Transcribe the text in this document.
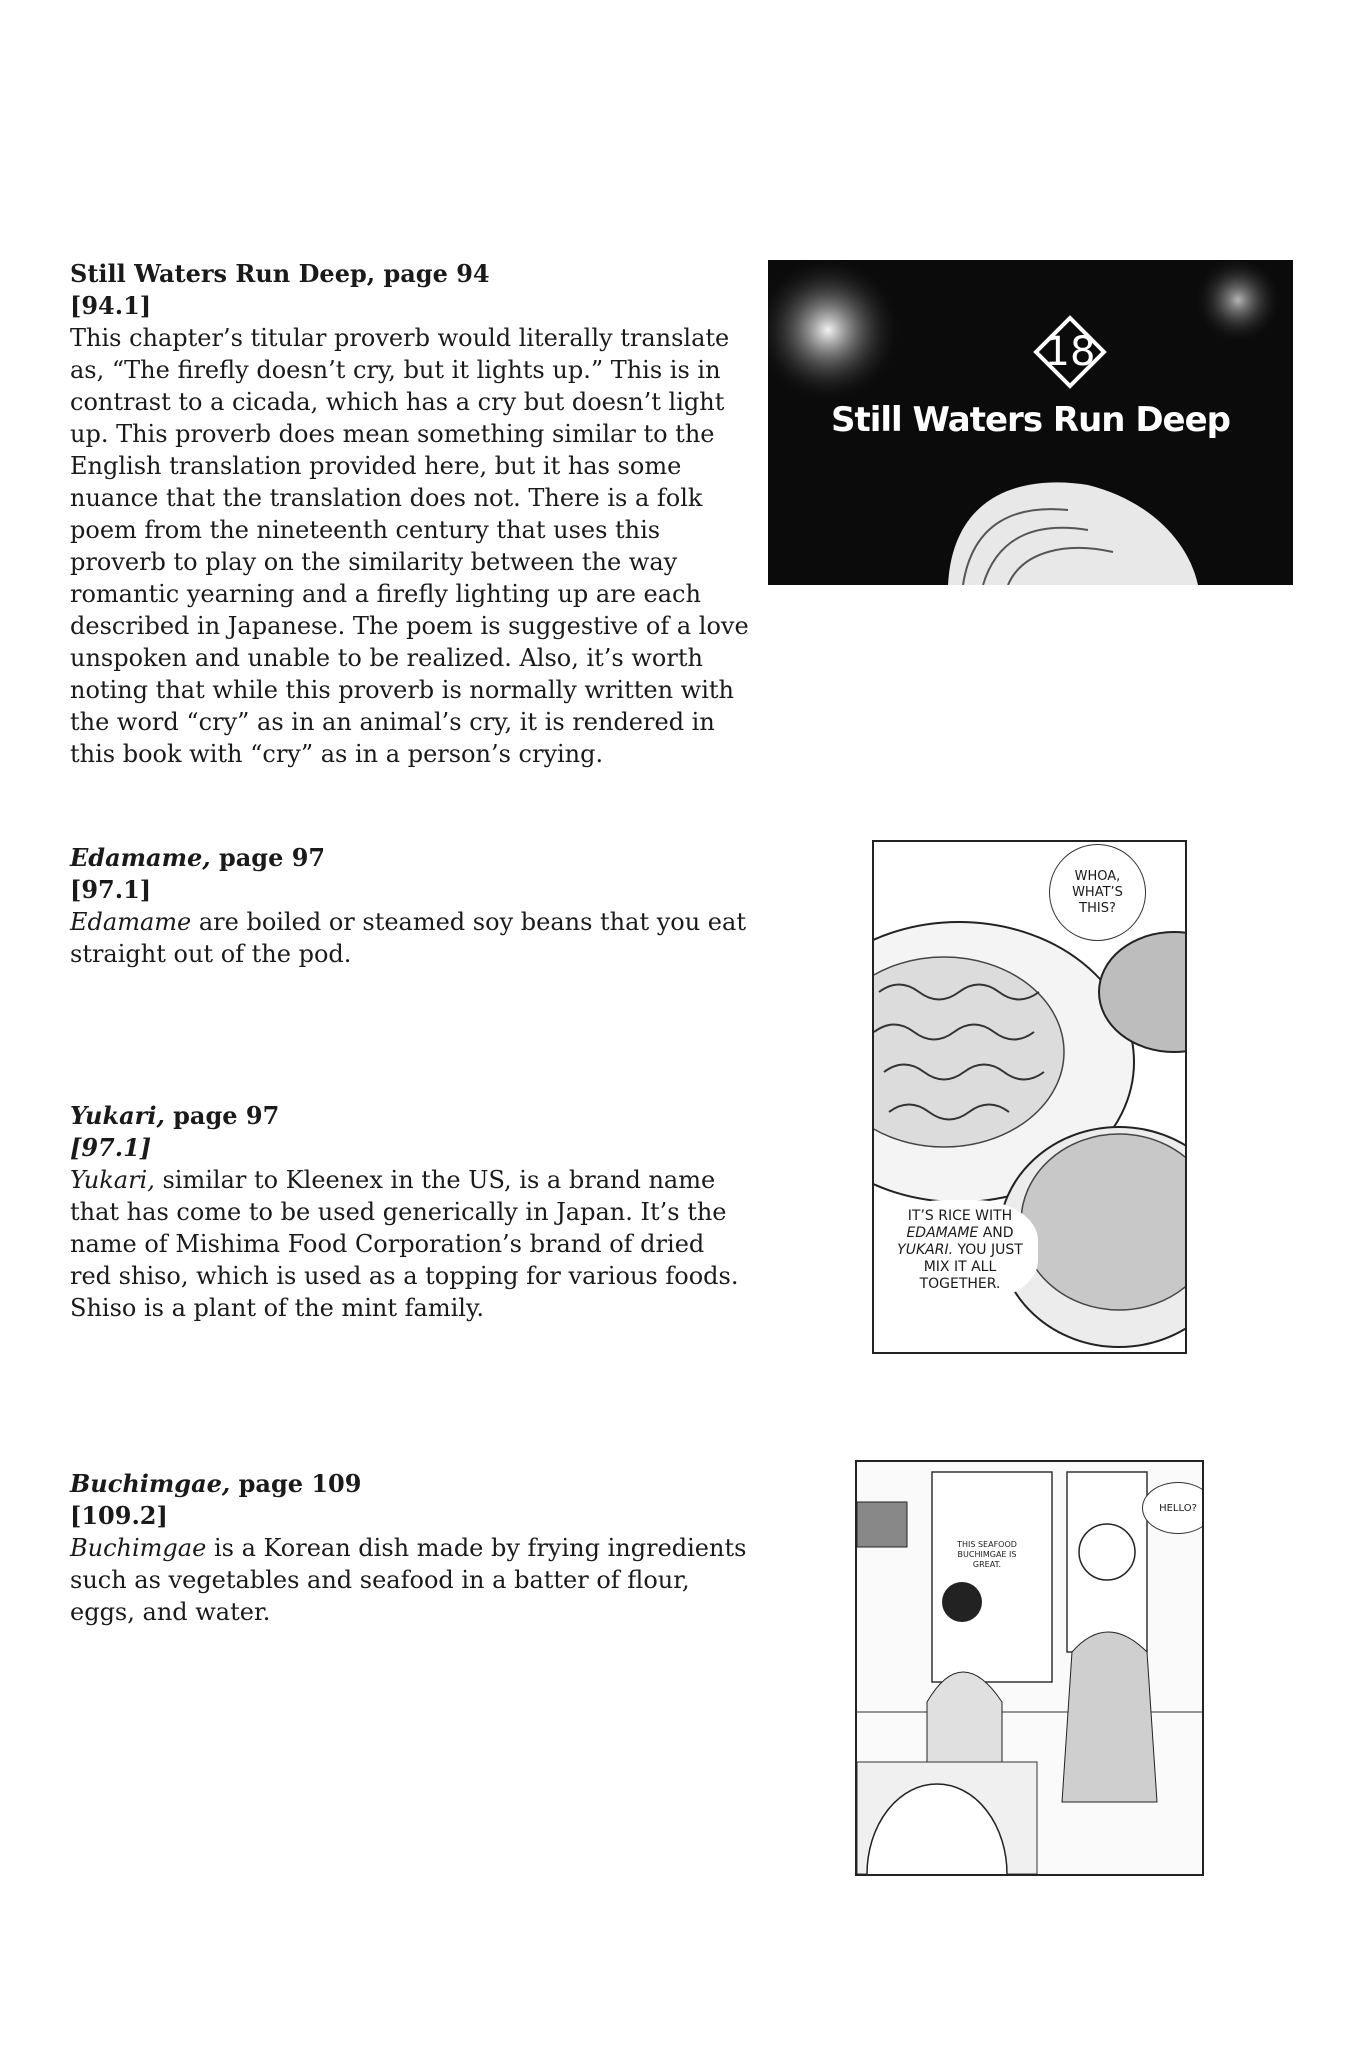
Still Waters Run Deep, page 94
[94.1]

This chapter’s titular proverb would literally translate as, “The firefly doesn’t cry, but it lights up.” This is in contrast to a cicada, which has a cry but doesn’t light up. This proverb does mean something similar to the English translation provided here, but it has some nuance that the translation does not. There is a folk poem from the nineteenth century that uses this proverb to play on the similarity between the way romantic yearning and a firefly lighting up are each described in Japanese. The poem is suggestive of a love unspoken and unable to be realized. Also, it’s worth noting that while this proverb is normally written with the word “cry” as in an animal’s cry, it is rendered in this book with “cry” as in a person’s crying.

Edamame, page 97
[97.1]

Edamame are boiled or steamed soy beans that you eat straight out of the pod.

Yukari, page 97
[97.1]

Yukari, similar to Kleenex in the US, is a brand name that has come to be used generically in Japan. It’s the name of Mishima Food Corporation’s brand of dried red shiso, which is used as a topping for various foods. Shiso is a plant of the mint family.

Buchimgae, page 109
[109.2]

Buchimgae is a Korean dish made by frying ingredients such as vegetables and seafood in a batter of flour, eggs, and water.

18
Still Waters Run Deep
WHOA, WHAT’S THIS?
IT’S RICE WITH
EDAMAME AND
YUKARI. YOU JUST MIX IT ALL TOGETHER.
HELLO?
THIS SEAFOOD BUCHIMGAE IS GREAT.
